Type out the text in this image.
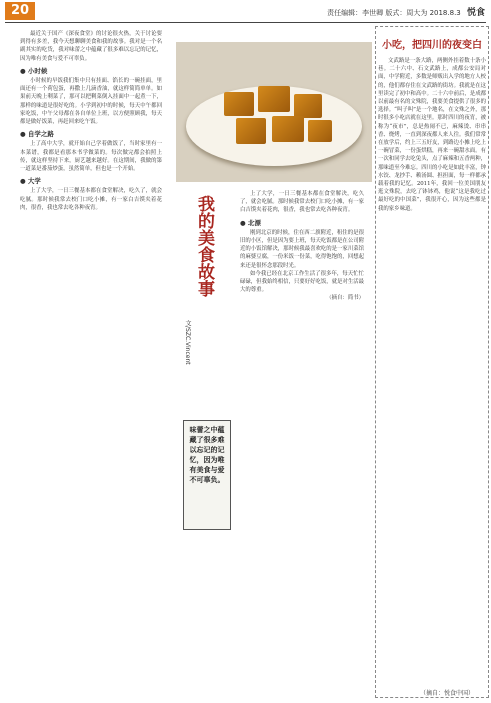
20	责任编辑：李世卿 版式：周大为 2018.8.3 悦食

最近关于国产《深夜食堂》的讨论很火热，关于讨论要到得有多差，我今天想聊聊美食和我的故事。我对是一个名副其实的吃货，我对味蕾之中蕴藏了很多难以忘记的记忆，因为唯有美食与爱不可辜负。

● 小时候

小时候的早饭我们集中只有挂面、馅长的一碗挂面，里面还有一个荷包蛋，再撒上几滴香油，就这样简简单单。如果前天晚上剩菜了，那可以把剩菜倒入挂面中一起煮一下，那样的味道是很好吃的。小学到初中的时候，每天中午都回家吃饭，中午父母都在各自单位上班，以方便照顾我，每天都是做好饭菜，再赶回来吃午饭。

● 自学之路

上了高中大学，就开始自己学着做饭了，当时家里有一本菜谱，我都是看那本书学做菜的。每次做完都会拍照上传，就这样坚持下来，厨艺越来越好。在这期间，我做的第一道菜是番茄炒蛋，虽然简单，但也是一个开始。

● 大学

上了大学，一日三餐基本都在食堂解决，吃久了，就会吃腻。那时候我常去校门口吃小摊，有一家白吉馍夹着花肉，很香，我也常去吃各种夜宵。	我的美食故事
文/SZC.Vincent
味蕾之中蕴藏了很多难以忘记的记忆，因为唯有美食与爱不可辜负。

上了大学，一日三餐基本都在食堂解决，吃久了，就会吃腻。那时候我常去校门口吃小摊，有一家白吉馍夹着花肉，很香，我也常去吃各种夜宵。

● 北漂

刚到北京的时候，住在西二旗附近，租住的是很旧的小区，但是因为要上班，每天吃饭都是在公司附近的小饭馆解决，那时候我最喜欢吃的是一家川菜馆的麻婆豆腐，一份米饭一份菜，吃得饱饱的，回想起来还是很怀念那段时光。

如今我已经在北京工作生活了很多年，每天忙忙碌碌，但我始终相信，只要好好吃饭，就是对生活最大的尊重。

（摘自：简书）

小吃，把四川的夜变白

文武路是一条大路，两侧外挂着数十条小巷。二十六中、石文武路上，成都公安局对面，中学附近，多数是师贩出入学的地方人校的，他们都存住在文武路的街坊。我就是在这里读完了初中和高中。二十六中前后，是成都以前最有名的文殊院，我要美食提供了很多的选择。“叫子叫”是一个地名，在文殊之外，那时很多小吃店就在这里。那时四川的夜宵，被称为“夜市”，总是热闹不已，麻辣烫、串串香、烧烤，一直到深夜都人来人往。我们常常在放学后，约上三五好友，到路边小摊上吃上一碗冒菜，一份蛋烘糕，再来一碗甜水面。有一次和同学去吃兔头，点了麻辣和五香两种，那味道至今难忘。四川的小吃是如此丰富，钟水饺、龙抄手、赖汤圆、担担面，每一样都承载着我的记忆。2011年，我回一位美国朋友逛文殊院，去吃了钵钵鸡，他说“这是我吃过最好吃的中国菜”，我很开心，因为这些都是我的家乡味道。

（摘自：悦食中国）
